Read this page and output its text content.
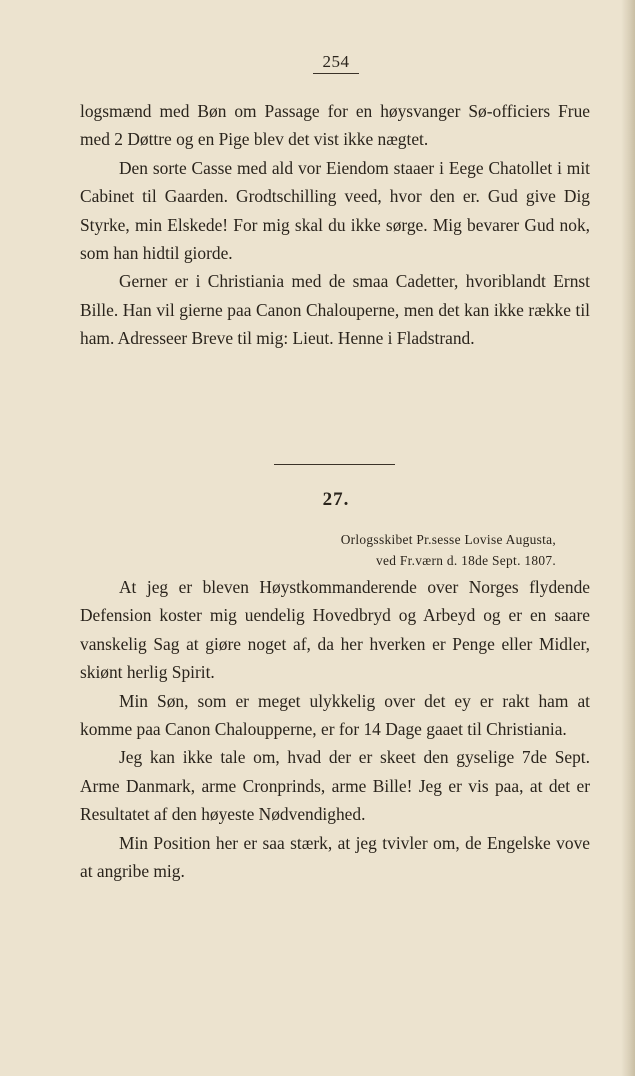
254

logsmænd med Bøn om Passage for en høysvanger Sø-officiers Frue med 2 Døttre og en Pige blev det vist ikke nægtet.

Den sorte Casse med ald vor Eiendom staaer i Eege Chatollet i mit Cabinet til Gaarden. Grodtschilling veed, hvor den er. Gud give Dig Styrke, min Elskede! For mig skal du ikke sørge. Mig bevarer Gud nok, som han hidtil giorde.

Gerner er i Christiania med de smaa Cadetter, hvoriblandt Ernst Bille. Han vil gierne paa Canon Chalouperne, men det kan ikke række til ham. Adresseer Breve til mig: Lieut. Henne i Fladstrand.

27.
Orlogsskibet Pr.sesse Lovise Augusta,
ved Fr.værn d. 18de Sept. 1807.

At jeg er bleven Høystkommanderende over Norges flydende Defension koster mig uendelig Hovedbryd og Arbeyd og er en saare vanskelig Sag at giøre noget af, da her hverken er Penge eller Midler, skiønt herlig Spirit.

Min Søn, som er meget ulykkelig over det ey er rakt ham at komme paa Canon Chaloupperne, er for 14 Dage gaaet til Christiania.

Jeg kan ikke tale om, hvad der er skeet den gyselige 7de Sept. Arme Danmark, arme Cronprinds, arme Bille! Jeg er vis paa, at det er Resultatet af den høyeste Nødvendighed.

Min Position her er saa stærk, at jeg tvivler om, de Engelske vove at angribe mig.
